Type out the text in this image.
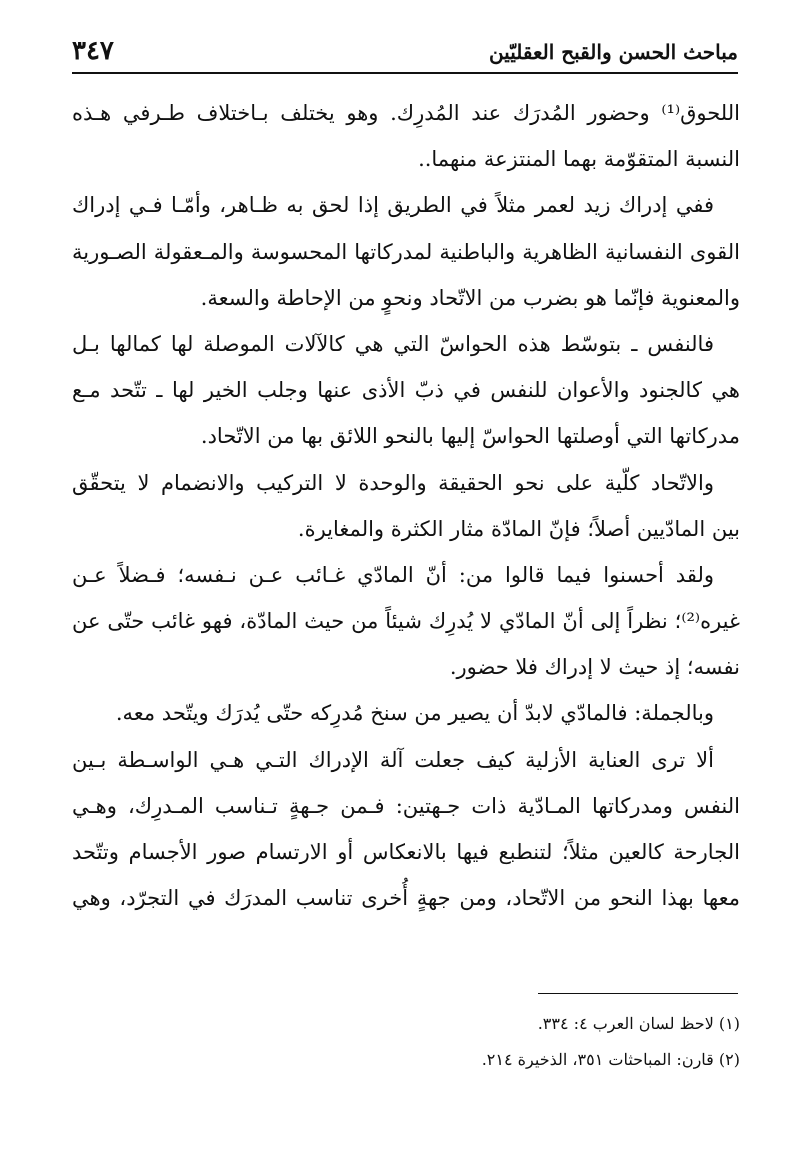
مباحث الحسن والقبح العقليّين
٣٤٧
اللحوق⁽¹⁾ وحضور المُدرَك عند المُدرِك. وهو يختلف بـاختلاف طـرفي هـذه
النسبة المتقوّمة بهما المنتزعة منهما..
ففي إدراك زيد لعمر مثلاً في الطريق إذا لحق به ظـاهر، وأمّـا فـي إدراك
القوى النفسانية الظاهرية والباطنية لمدركاتها المحسوسة والمـعقولة الصـورية
والمعنوية فإنّما هو بضرب من الاتّحاد ونحوٍ من الإحاطة والسعة.
فالنفس ـ بتوسّط هذه الحواسّ التي هي كالآلات الموصلة لها كمالها بـل
هي كالجنود والأعوان للنفس في ذبّ الأذى عنها وجلب الخير لها ـ تتّحد مـع
مدركاتها التي أوصلتها الحواسّ إليها بالنحو اللائق بها من الاتّحاد.
والاتّحاد كلّية على نحو الحقيقة والوحدة لا التركيب والانضمام لا يتحقّق
بين المادّيين أصلاً؛ فإنّ المادّة مثار الكثرة والمغايرة.
ولقد أحسنوا فيما قالوا من: أنّ المادّي غـائب عـن نـفسه؛ فـضلاً عـن
غيره⁽²⁾؛ نظراً إلى أنّ المادّي لا يُدرِك شيئاً من حيث المادّة، فهو غائب حتّى عن
نفسه؛ إذ حيث لا إدراك فلا حضور.
وبالجملة: فالمادّي لابدّ أن يصير من سنخ مُدرِكه حتّى يُدرَك ويتّحد معه.
ألا ترى العناية الأزلية كيف جعلت آلة الإدراك التـي هـي الواسـطة بـين
النفس ومدركاتها المـادّية ذات جـهتين: فـمن جـهةٍ تـناسب المـدرِك، وهـي
الجارحة كالعين مثلاً؛ لتنطبع فيها بالانعكاس أو الارتسام صور الأجسام وتتّحد
معها بهذا النحو من الاتّحاد، ومن جهةٍ أُخرى تناسب المدرَك في التجرّد، وهي
(١) لاحظ لسان العرب ٤: ٣٣٤.
(٢) قارن: المباحثات ٣٥١، الذخيرة ٢١٤.
